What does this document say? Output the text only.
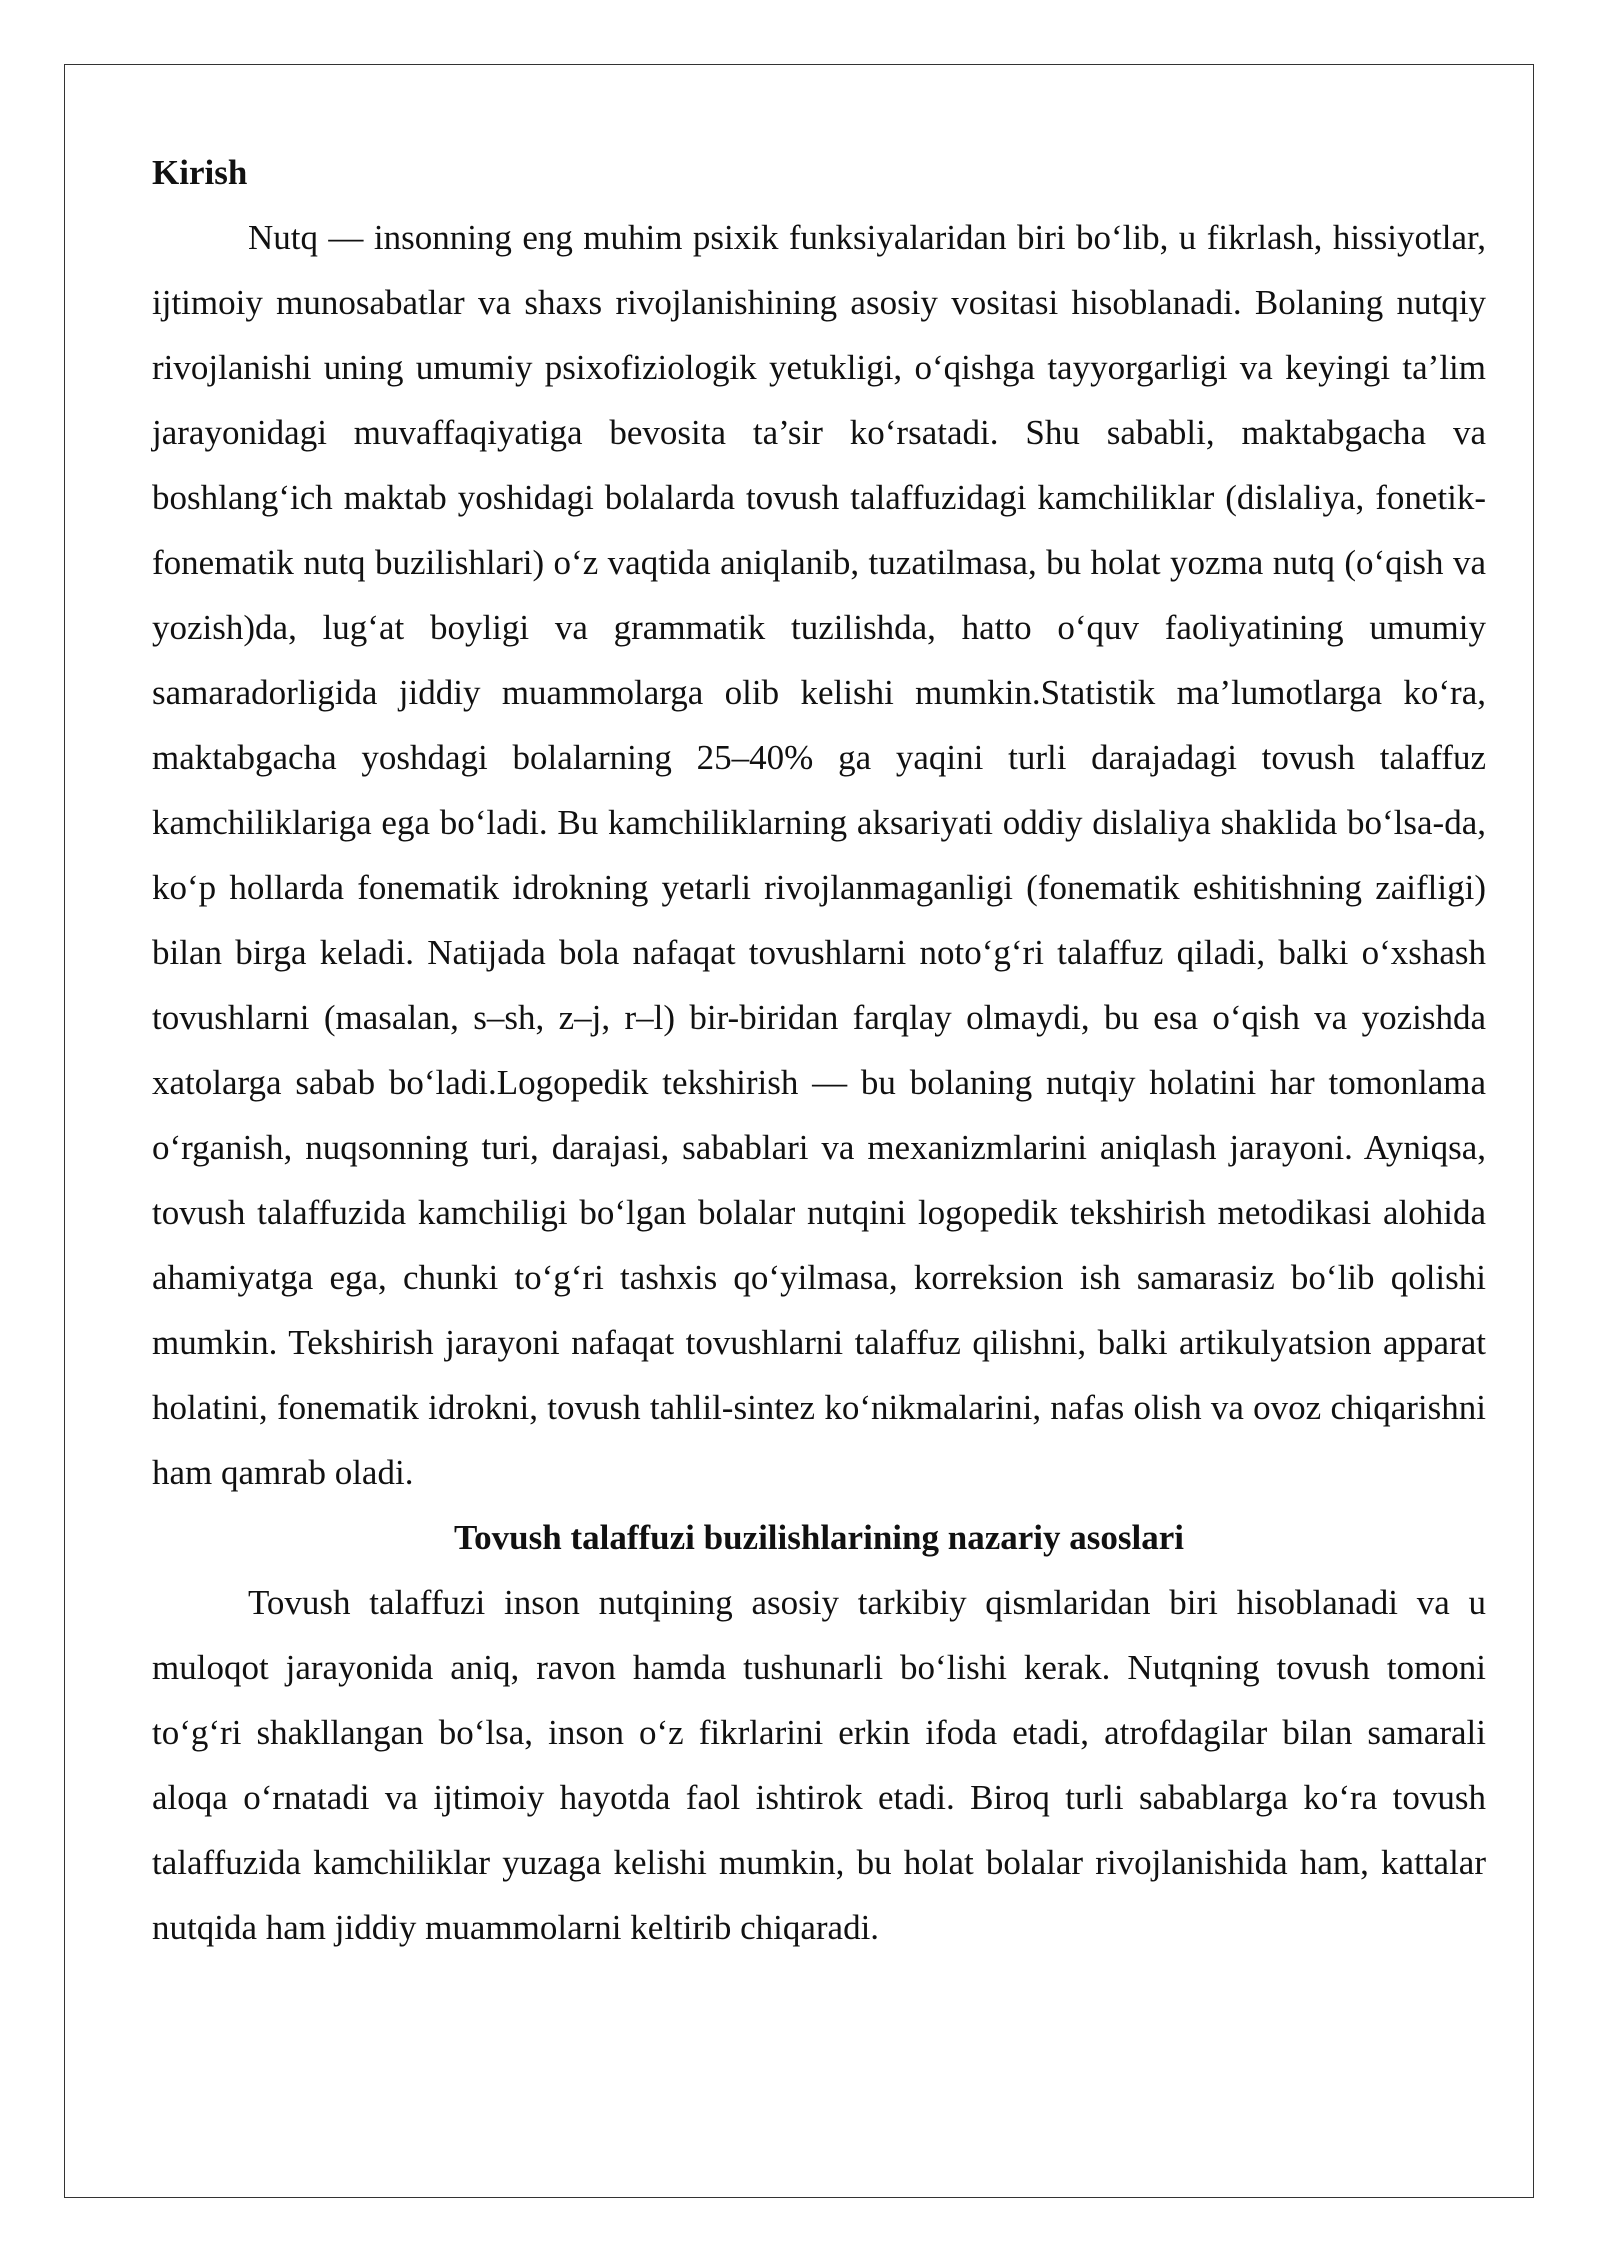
Kirish

Nutq — insonning eng muhim psixik funksiyalaridan biri bo‘lib, u fikrlash, hissiyotlar, ijtimoiy munosabatlar va shaxs rivojlanishining asosiy vositasi hisoblanadi. Bolaning nutqiy rivojlanishi uning umumiy psixofiziologik yetukligi, o‘qishga tayyorgarligi va keyingi ta’lim jarayonidagi muvaffaqiyatiga bevosita ta’sir ko‘rsatadi. Shu sababli, maktabgacha va boshlang‘ich maktab yoshidagi bolalarda tovush talaffuzidagi kamchiliklar (dislaliya, fonetik-fonematik nutq buzilishlari) o‘z vaqtida aniqlanib, tuzatilmasa, bu holat yozma nutq (o‘qish va yozish)da, lug‘at boyligi va grammatik tuzilishda, hatto o‘quv faoliyatining umumiy samaradorligida jiddiy muammolarga olib kelishi mumkin.Statistik ma’lumotlarga ko‘ra, maktabgacha yoshdagi bolalarning 25–40% ga yaqini turli darajadagi tovush talaffuz kamchiliklariga ega bo‘ladi. Bu kamchiliklarning aksariyati oddiy dislaliya shaklida bo‘lsa-da, ko‘p hollarda fonematik idrokning yetarli rivojlanmaganligi (fonematik eshitishning zaifligi) bilan birga keladi. Natijada bola nafaqat tovushlarni noto‘g‘ri talaffuz qiladi, balki o‘xshash tovushlarni (masalan, s–sh, z–j, r–l) bir-biridan farqlay olmaydi, bu esa o‘qish va yozishda xatolarga sabab bo‘ladi.Logopedik tekshirish — bu bolaning nutqiy holatini har tomonlama o‘rganish, nuqsonning turi, darajasi, sabablari va mexanizmlarini aniqlash jarayoni. Ayniqsa, tovush talaffuzida kamchiligi bo‘lgan bolalar nutqini logopedik tekshirish metodikasi alohida ahamiyatga ega, chunki to‘g‘ri tashxis qo‘yilmasa, korreksion ish samarasiz bo‘lib qolishi mumkin. Tekshirish jarayoni nafaqat tovushlarni talaffuz qilishni, balki artikulyatsion apparat holatini, fonematik idrokni, tovush tahlil-sintez ko‘nikmalarini, nafas olish va ovoz chiqarishni ham qamrab oladi.

Tovush talaffuzi buzilishlarining nazariy asoslari

Tovush talaffuzi inson nutqining asosiy tarkibiy qismlaridan biri hisoblanadi va u muloqot jarayonida aniq, ravon hamda tushunarli bo‘lishi kerak. Nutqning tovush tomoni to‘g‘ri shakllangan bo‘lsa, inson o‘z fikrlarini erkin ifoda etadi, atrofdagilar bilan samarali aloqa o‘rnatadi va ijtimoiy hayotda faol ishtirok etadi. Biroq turli sabablarga ko‘ra tovush talaffuzida kamchiliklar yuzaga kelishi mumkin, bu holat bolalar rivojlanishida ham, kattalar nutqida ham jiddiy muammolarni keltirib chiqaradi.
